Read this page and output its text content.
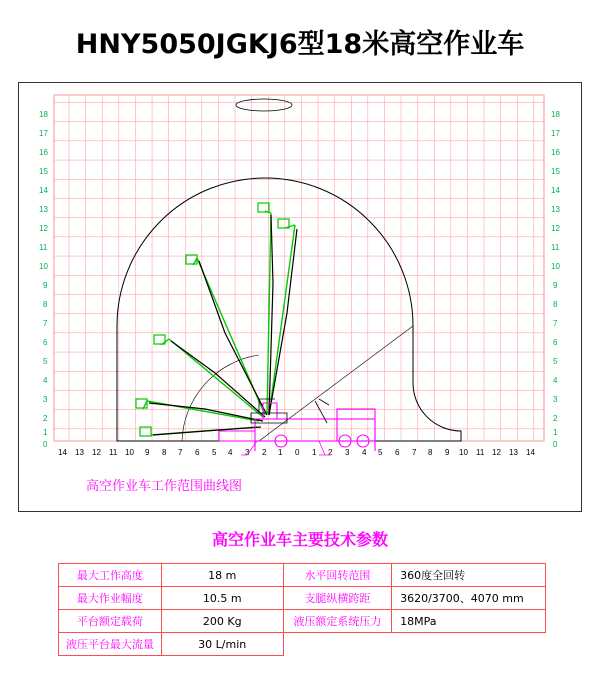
HNY5050JGKJ6型18米高空作业车
18
17
16
15
14
13
12
11
10
9
8
7
6
5
4
3
2
1
0
18
17
16
15
14
13
12
11
10
9
8
7
6
5
4
3
2
1
0
14 13 12 11 10 9 8 7 6 5 4 3 2 1 0 1 2 3 4 5 6 7 8 9 10 11 12 13 14
高空作业车工作范围曲线图
高空作业车主要技术参数
最大工作高度	18 m	水平回转范围	360度全回转
最大作业幅度	10.5 m	支腿纵横跨距	3620/3700、4070 mm
平台额定载荷	200 Kg	液压额定系统压力	18MPa
液压平台最大流量	30 L/min		
